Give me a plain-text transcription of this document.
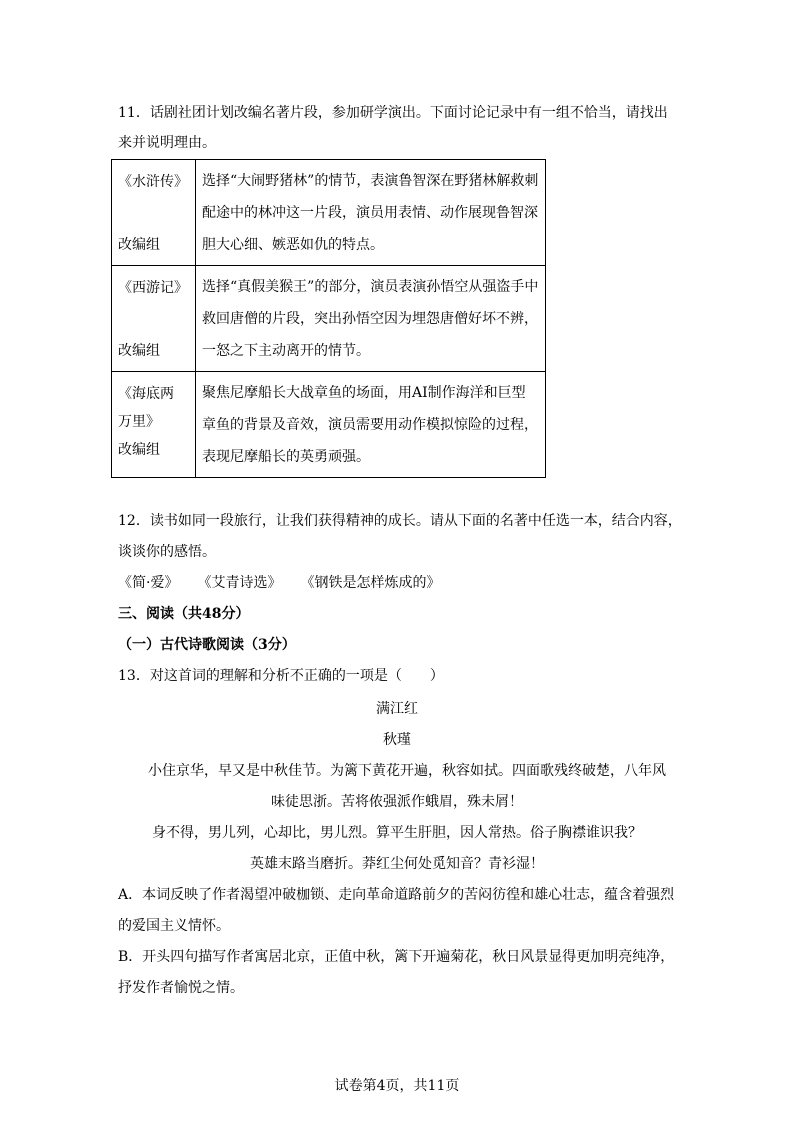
11．话剧社团计划改编名著片段，参加研学演出。下面讨论记录中有一组不恰当，请找出
来并说明理由。
《水浒传》
改编组	选择“大闹野猪林”的情节，表演鲁智深在野猪林解救刺配途中的林冲这一片段，演员用表情、动作展现鲁智深胆大心细、嫉恶如仇的特点。

《西游记》
改编组	选择“真假美猴王”的部分，演员表演孙悟空从强盗手中救回唐僧的片段，突出孙悟空因为埋怨唐僧好坏不辨，一怒之下主动离开的情节。

《海底两
万里》
改编组	聚焦尼摩船长大战章鱼的场面，用AI制作海洋和巨型章鱼的背景及音效，演员需要用动作模拟惊险的过程，表现尼摩船长的英勇顽强。
12．读书如同一段旅行，让我们获得精神的成长。请从下面的名著中任选一本，结合内容，
谈谈你的感悟。
《简·爱》 《艾青诗选》 《钢铁是怎样炼成的》
三、阅读（共48分）
（一）古代诗歌阅读（3分）
13．对这首词的理解和分析不正确的一项是（　　）
满江红
秋瑾
小住京华，早又是中秋佳节。为篱下黄花开遍，秋容如拭。四面歌残终破楚，八年风
味徒思浙。苦将侬强派作蛾眉，殊未屑！
身不得，男儿列，心却比，男儿烈。算平生肝胆，因人常热。俗子胸襟谁识我？
英雄末路当磨折。莽红尘何处觅知音？青衫湿！
A．本词反映了作者渴望冲破枷锁、走向革命道路前夕的苦闷彷徨和雄心壮志，蕴含着强烈
的爱国主义情怀。
B．开头四句描写作者寓居北京，正值中秋，篱下开遍菊花，秋日风景显得更加明亮纯净，
抒发作者愉悦之情。
试卷第4页，共11页
